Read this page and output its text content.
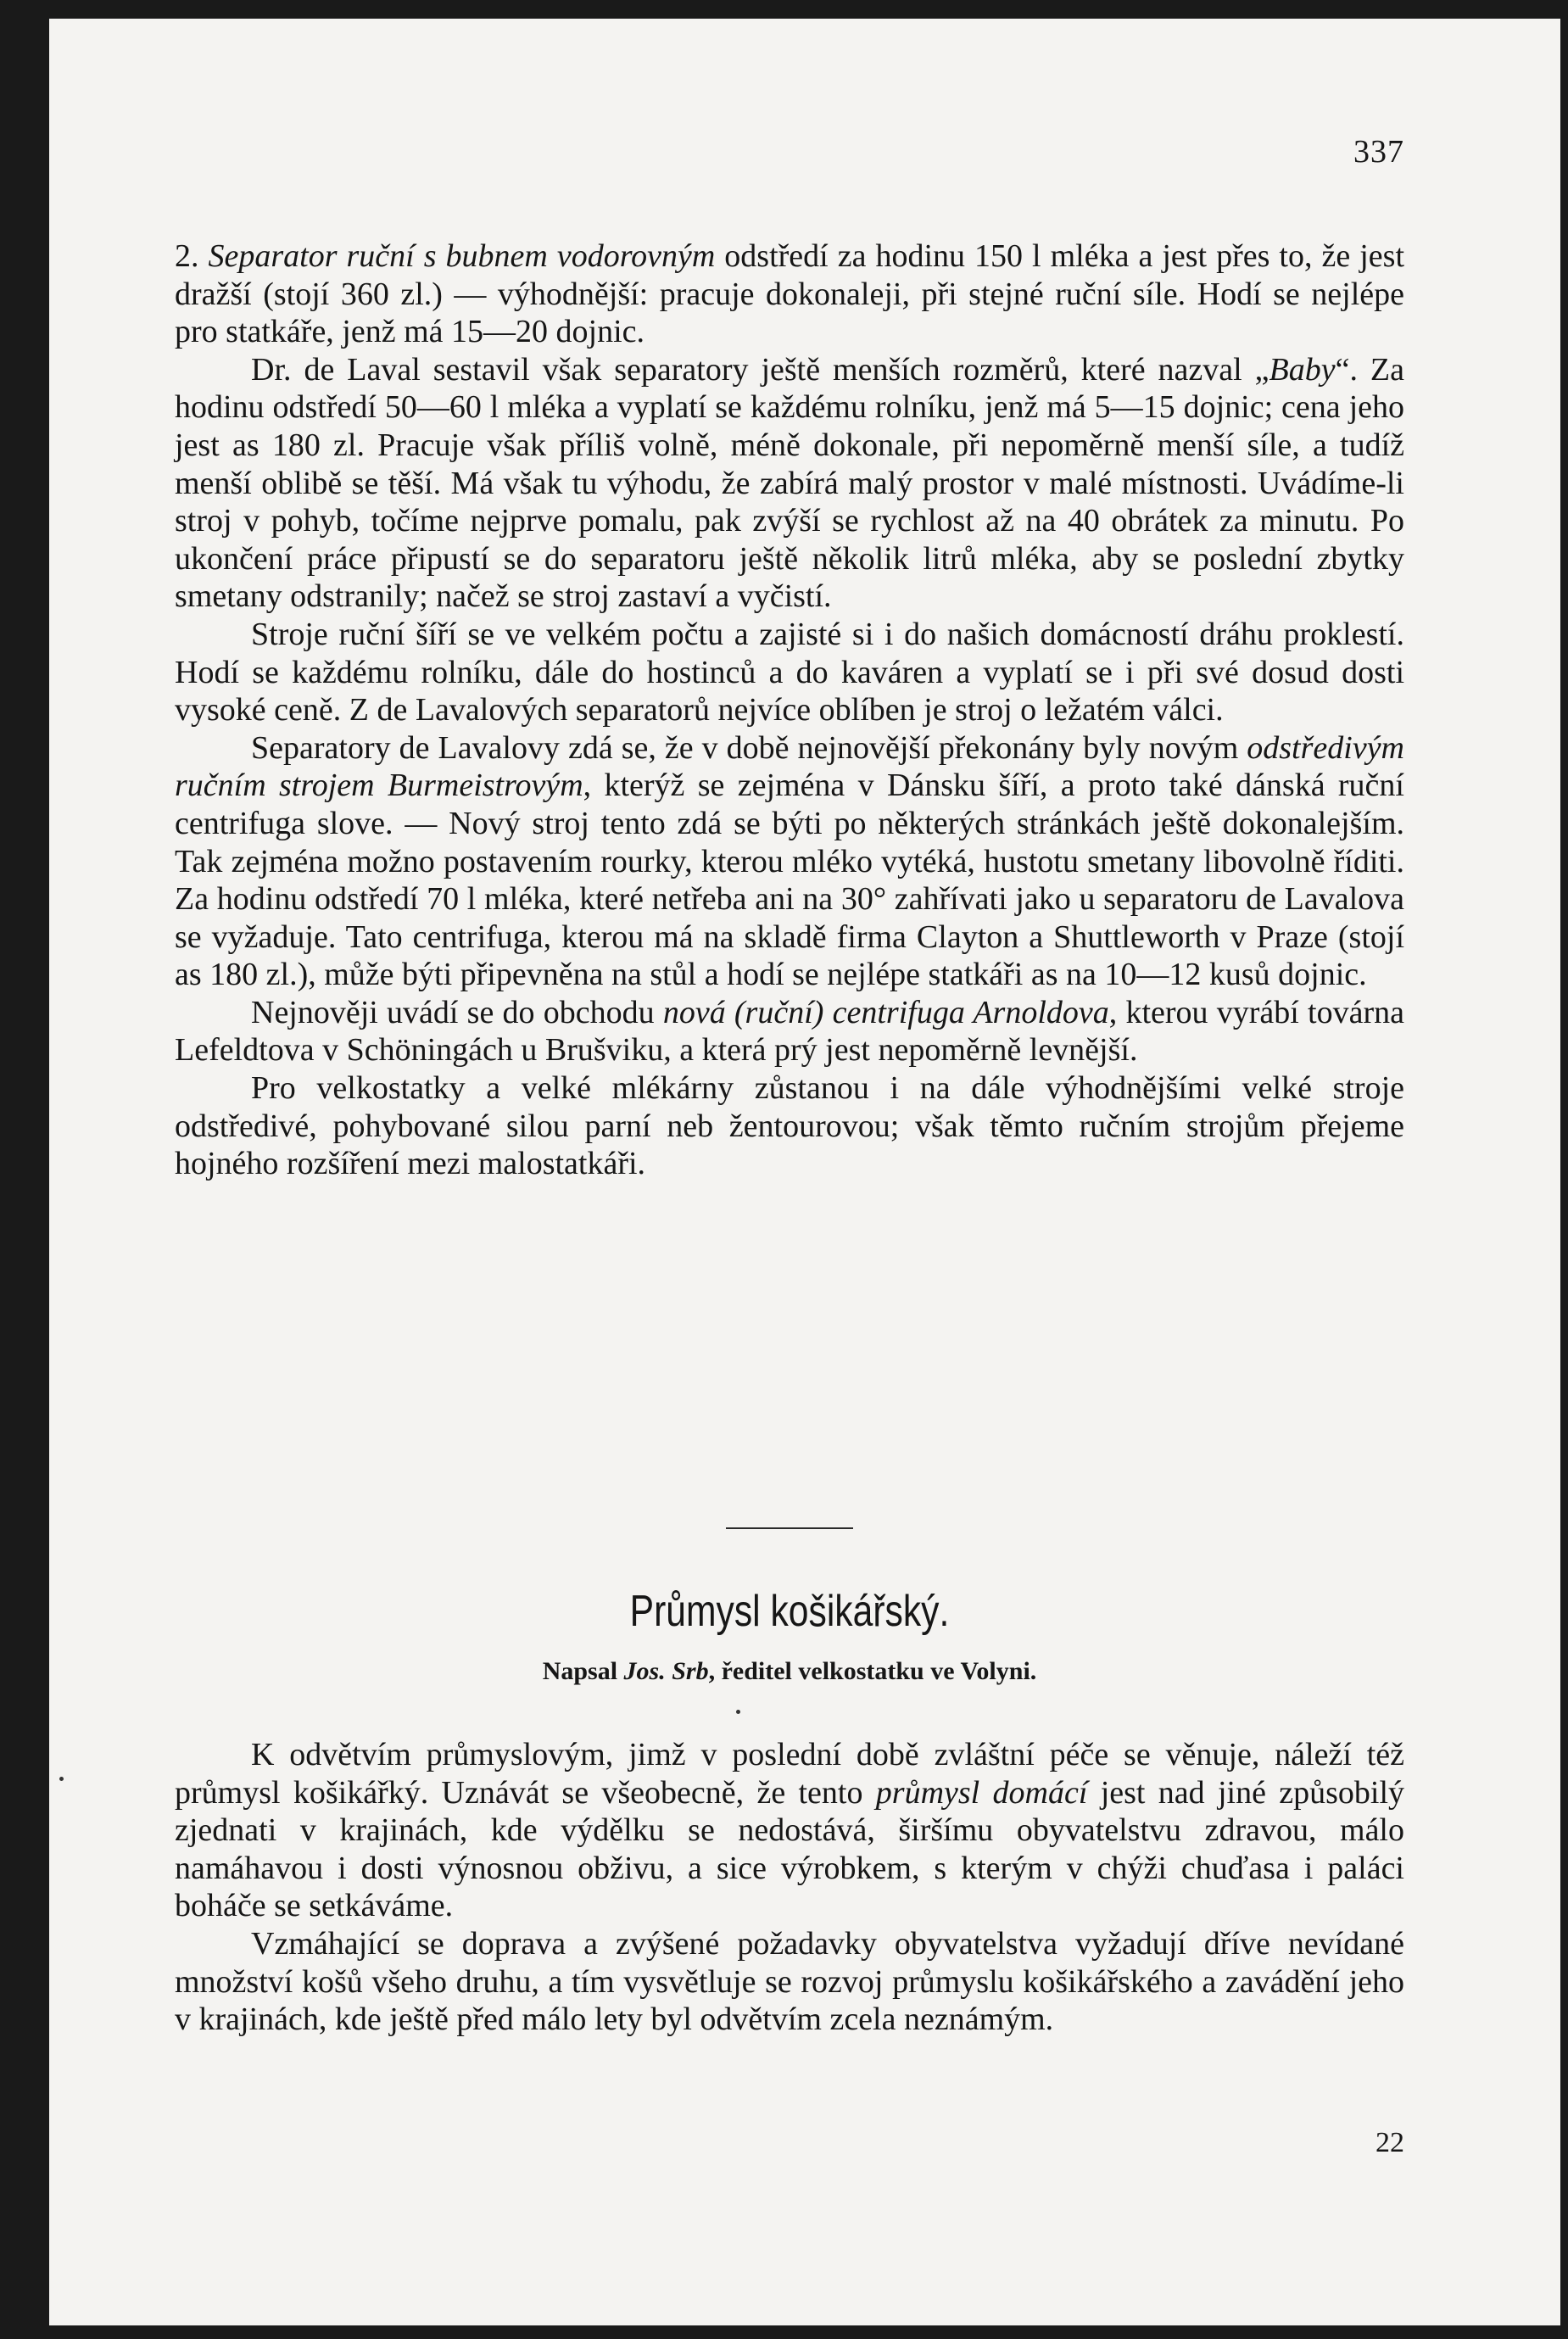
337

2. Separator ruční s bubnem vodorovným odstředí za hodinu 150 l mléka a jest přes to, že jest dražší (stojí 360 zl.) — výhodnější: pracuje dokonaleji, při stejné ruční síle. Hodí se nejlépe pro statkáře, jenž má 15—20 dojnic.

Dr. de Laval sestavil však separatory ještě menších rozměrů, které nazval „Baby“. Za hodinu odstředí 50—60 l mléka a vyplatí se každému rolníku, jenž má 5—15 dojnic; cena jeho jest as 180 zl. Pracuje však příliš volně, méně dokonale, při nepoměrně menší síle, a tudíž menší oblibě se těší. Má však tu výhodu, že zabírá malý prostor v malé místnosti. Uvádíme-li stroj v pohyb, točíme nejprve pomalu, pak zvýší se rychlost až na 40 obrátek za minutu. Po ukončení práce připustí se do separatoru ještě několik litrů mléka, aby se poslední zbytky smetany odstranily; načež se stroj zastaví a vyčistí.

Stroje ruční šíří se ve velkém počtu a zajisté si i do našich domácností dráhu proklestí. Hodí se každému rolníku, dále do hostinců a do kaváren a vyplatí se i při své dosud dosti vysoké ceně. Z de Lavalových separatorů nejvíce oblíben je stroj o ležatém válci.

Separatory de Lavalovy zdá se, že v době nejnovější překonány byly novým odstředivým ručním strojem Burmeistrovým, kterýž se zejména v Dánsku šíří, a proto také dánská ruční centrifuga slove. — Nový stroj tento zdá se býti po některých stránkách ještě dokonalejším. Tak zejména možno postavením rourky, kterou mléko vytéká, hustotu smetany libovolně říditi. Za hodinu odstředí 70 l mléka, které netřeba ani na 30° zahřívati jako u separatoru de Lavalova se vyžaduje. Tato centrifuga, kterou má na skladě firma Clayton a Shuttleworth v Praze (stojí as 180 zl.), může býti připevněna na stůl a hodí se nejlépe statkáři as na 10—12 kusů dojnic.

Nejnověji uvádí se do obchodu nová (ruční) centrifuga Arnoldova, kterou vyrábí továrna Lefeldtova v Schöningách u Brušviku, a která prý jest nepoměrně levnější.

Pro velkostatky a velké mlékárny zůstanou i na dále výhodnějšími velké stroje odstředivé, pohybované silou parní neb žentourovou; však těmto ručním strojům přejeme hojného rozšíření mezi malostatkáři.

Průmysl košikářský.
Napsal Jos. Srb, ředitel velkostatku ve Volyni.

K odvětvím průmyslovým, jimž v poslední době zvláštní péče se věnuje, náleží též průmysl košikářký. Uznávát se všeobecně, že tento průmysl domácí jest nad jiné způsobilý zjednati v krajinách, kde výdělku se nedostává, širšímu obyvatelstvu zdravou, málo namáhavou i dosti výnosnou obživu, a sice výrobkem, s kterým v chýži chuďasa i paláci boháče se setkáváme.

Vzmáhající se doprava a zvýšené požadavky obyvatelstva vyžadují dříve nevídané množství košů všeho druhu, a tím vysvětluje se rozvoj průmyslu košikářského a zavádění jeho v krajinách, kde ještě před málo lety byl odvětvím zcela neznámým.

22
